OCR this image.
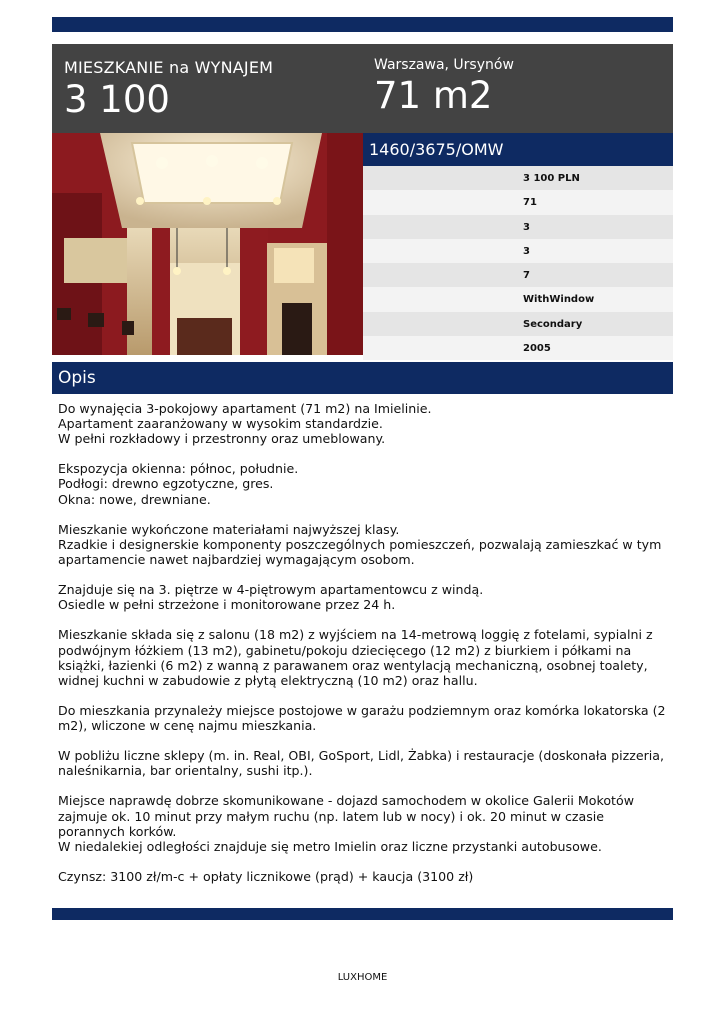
MIESZKANIE na WYNAJEM
3 100
Warszawa, Ursynów
71 m2
1460/3675/OMW
3 100 PLN
71
3
3
7
WithWindow
Secondary
2005
Opis

Do wynajęcia 3-pokojowy apartament (71 m2) na Imielinie.

Apartament zaaranżowany w wysokim standardzie.

W pełni rozkładowy i przestronny oraz umeblowany.

Ekspozycja okienna: północ, południe.

Podłogi: drewno egzotyczne, gres.

Okna: nowe, drewniane.

Mieszkanie wykończone materiałami najwyższej klasy.

Rzadkie i designerskie komponenty poszczególnych pomieszczeń, pozwalają zamieszkać w tym apartamencie nawet najbardziej wymagającym osobom.

Znajduje się na 3. piętrze w 4-piętrowym apartamentowcu z windą.

Osiedle w pełni strzeżone i monitorowane przez 24 h.

Mieszkanie składa się z salonu (18 m2) z wyjściem na 14-metrową loggię z fotelami, sypialni z podwójnym łóżkiem (13 m2), gabinetu/pokoju dziecięcego (12 m2) z biurkiem i półkami na książki, łazienki (6 m2) z wanną z parawanem oraz wentylacją mechaniczną, osobnej toalety, widnej kuchni w zabudowie z płytą elektryczną (10 m2) oraz hallu.

Do mieszkania przynależy miejsce postojowe w garażu podziemnym oraz komórka lokatorska (2 m2), wliczone w cenę najmu mieszkania.

W pobliżu liczne sklepy (m. in. Real, OBI, GoSport, Lidl, Żabka) i restauracje (doskonała pizzeria, naleśnikarnia, bar orientalny, sushi itp.).

Miejsce naprawdę dobrze skomunikowane - dojazd samochodem w okolice Galerii Mokotów zajmuje ok. 10 minut przy małym ruchu (np. latem lub w nocy) i ok. 20 minut w czasie porannych korków.

W niedalekiej odległości znajduje się metro Imielin oraz liczne przystanki autobusowe.

Czynsz: 3100 zł/m-c + opłaty licznikowe (prąd) + kaucja (3100 zł)

LUXHOME
